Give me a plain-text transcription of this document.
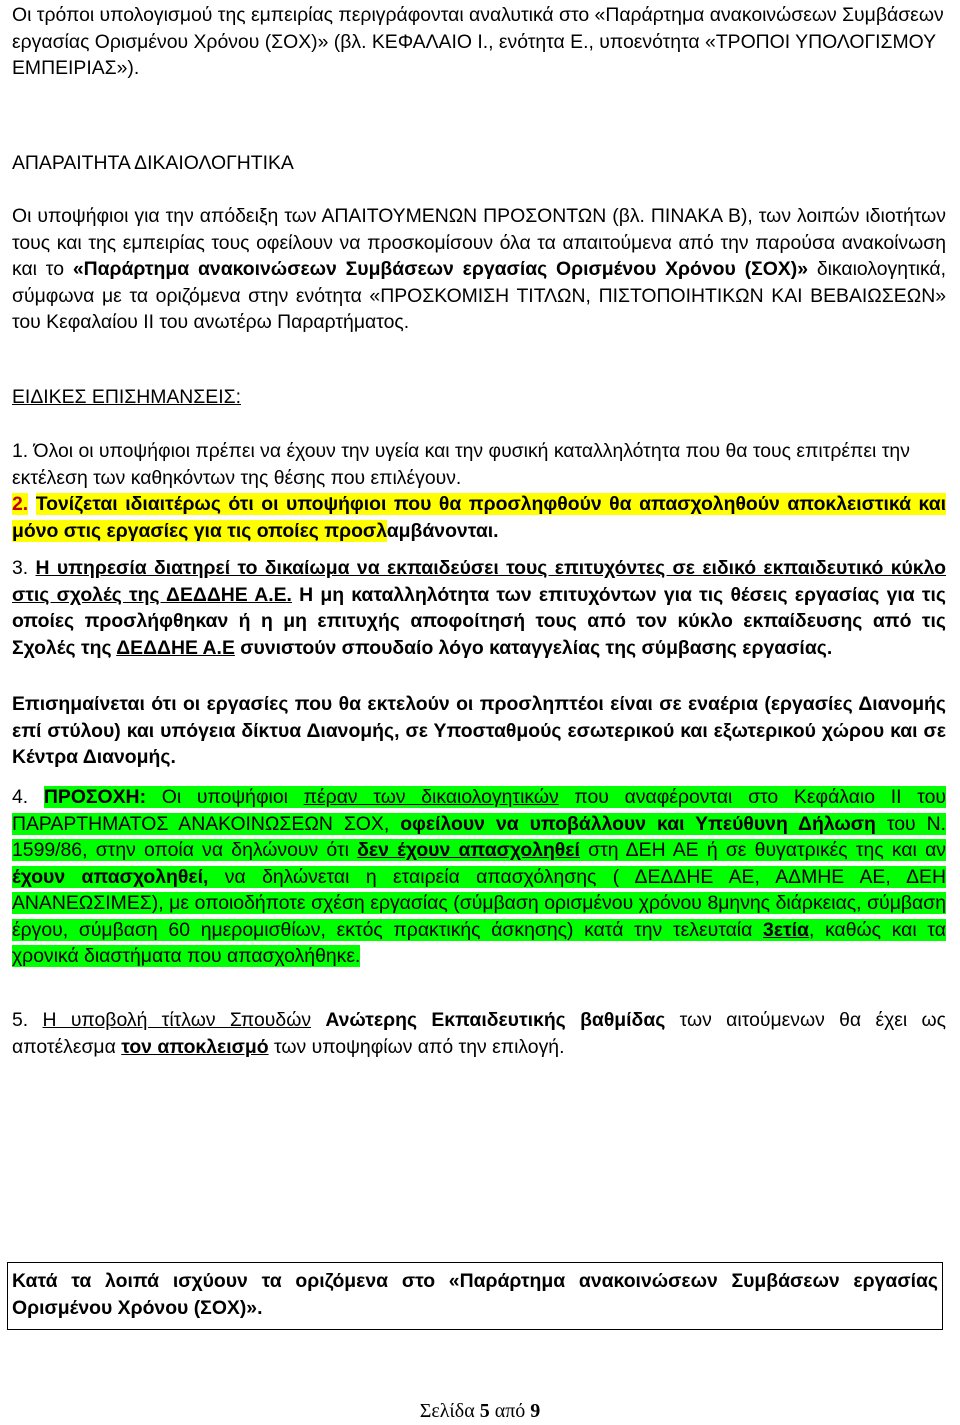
Οι τρόποι υπολογισμού της εμπειρίας περιγράφονται αναλυτικά στο «Παράρτημα ανακοινώσεων Συμβάσεων εργασίας Ορισμένου Χρόνου (ΣΟΧ)» (βλ. ΚΕΦΑΛΑΙΟ Ι., ενότητα Ε., υποενότητα «ΤΡΟΠΟΙ ΥΠΟΛΟΓΙΣΜΟΥ ΕΜΠΕΙΡΙΑΣ»).
ΑΠΑΡΑΙΤΗΤΑ ΔΙΚΑΙΟΛΟΓΗΤΙΚΑ
Οι υποψήφιοι για την απόδειξη των ΑΠΑΙΤΟΥΜΕΝΩΝ ΠΡΟΣΟΝΤΩΝ (βλ. ΠΙΝΑΚΑ Β), των λοιπών ιδιοτήτων τους και της εμπειρίας τους οφείλουν να προσκομίσουν όλα τα απαιτούμενα από την παρούσα ανακοίνωση και το «Παράρτημα ανακοινώσεων Συμβάσεων εργασίας Ορισμένου Χρόνου (ΣΟΧ)» δικαιολογητικά, σύμφωνα με τα οριζόμενα στην ενότητα «ΠΡΟΣΚΟΜΙΣΗ ΤΙΤΛΩΝ, ΠΙΣΤΟΠΟΙΗΤΙΚΩΝ ΚΑΙ ΒΕΒΑΙΩΣΕΩΝ» του Κεφαλαίου ΙΙ του ανωτέρω Παραρτήματος.
ΕΙΔΙΚΕΣ ΕΠΙΣΗΜΑΝΣΕΙΣ:
1. Όλοι οι υποψήφιοι πρέπει να έχουν την υγεία και την φυσική καταλληλότητα που θα τους επιτρέπει την εκτέλεση των καθηκόντων της θέσης που επιλέγουν.
2. Τονίζεται ιδιαιτέρως ότι οι υποψήφιοι που θα προσληφθούν θα απασχοληθούν αποκλειστικά και μόνο στις εργασίες για τις οποίες προσλαμβάνονται.
3. Η υπηρεσία διατηρεί το δικαίωμα να εκπαιδεύσει τους επιτυχόντες σε ειδικό εκπαιδευτικό κύκλο στις σχολές της ΔΕΔΔΗΕ Α.Ε. Η μη καταλληλότητα των επιτυχόντων για τις θέσεις εργασίας για τις οποίες προσλήφθηκαν ή η μη επιτυχής αποφοίτησή τους από τον κύκλο εκπαίδευσης από τις Σχολές της ΔΕΔΔΗΕ Α.Ε συνιστούν σπουδαίο λόγο καταγγελίας της σύμβασης εργασίας.
Επισημαίνεται ότι οι εργασίες που θα εκτελούν οι προσληπτέοι είναι σε εναέρια (εργασίες Διανομής επί στύλου) και υπόγεια δίκτυα Διανομής, σε Υποσταθμούς εσωτερικού και εξωτερικού χώρου και σε Κέντρα Διανομής.
4. ΠΡΟΣΟΧΗ: Οι υποψήφιοι πέραν των δικαιολογητικών που αναφέρονται στο Κεφάλαιο ΙΙ του ΠΑΡΑΡΤΗΜΑΤΟΣ ΑΝΑΚΟΙΝΩΣΕΩΝ ΣΟΧ, οφείλουν να υποβάλλουν και Υπεύθυνη Δήλωση του Ν. 1599/86, στην οποία να δηλώνουν ότι δεν έχουν απασχοληθεί στη ΔΕΗ ΑΕ ή σε θυγατρικές της και αν έχουν απασχοληθεί, να δηλώνεται η εταιρεία απασχόλησης ( ΔΕΔΔΗΕ ΑΕ, ΑΔΜΗΕ ΑΕ, ΔΕΗ ΑΝΑΝΕΩΣΙΜΕΣ), με οποιοδήποτε σχέση εργασίας (σύμβαση ορισμένου χρόνου 8μηνης διάρκειας, σύμβαση έργου, σύμβαση 60 ημερομισθίων, εκτός πρακτικής άσκησης) κατά την τελευταία 3ετία, καθώς και τα χρονικά διαστήματα που απασχολήθηκε.
5. Η υποβολή τίτλων Σπουδών Ανώτερης Εκπαιδευτικής βαθμίδας των αιτούμενων θα έχει ως αποτέλεσμα τον αποκλεισμό των υποψηφίων από την επιλογή.
Κατά τα λοιπά ισχύουν τα οριζόμενα στο «Παράρτημα ανακοινώσεων Συμβάσεων εργασίας Ορισμένου Χρόνου (ΣΟΧ)».
Σελίδα 5 από 9
